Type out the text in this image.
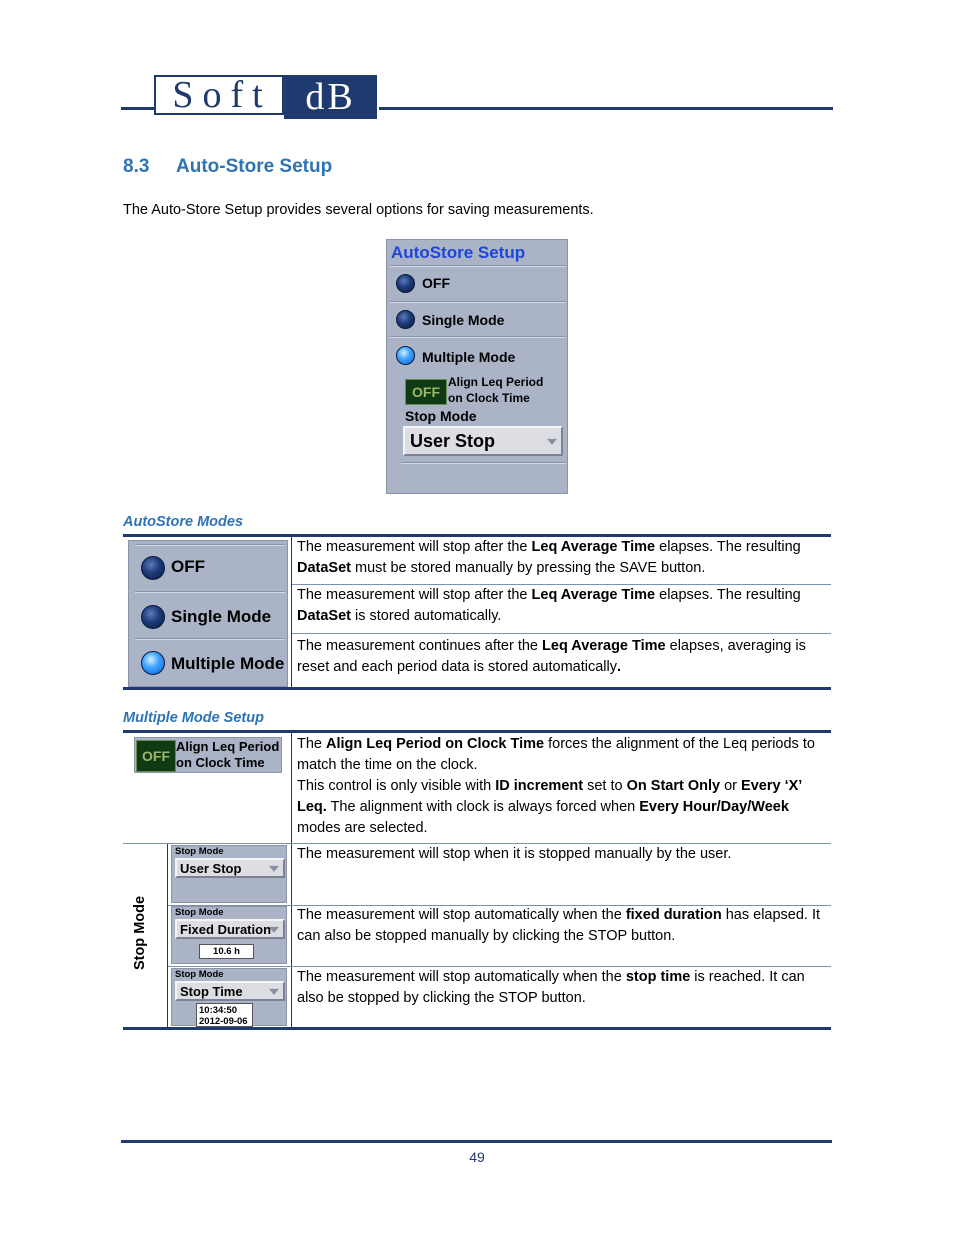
Soft dB
8.3 Auto-Store Setup
The Auto-Store Setup provides several options for saving measurements.
AutoStore Setup
OFF
Single Mode
Multiple Mode
OFF
Align Leq Period
on Clock Time
Stop Mode
User Stop
AutoStore Modes
OFF
Single Mode
Multiple Mode
The measurement will stop after the Leq Average Time elapses. The resulting DataSet must be stored manually by pressing the SAVE button.
The measurement will stop after the Leq Average Time elapses. The resulting DataSet is stored automatically.
The measurement continues after the Leq Average Time elapses, averaging is reset and each period data is stored automatically.
Multiple Mode Setup
OFF
Align Leq Period
on Clock Time
The Align Leq Period on Clock Time forces the alignment of the Leq periods to match the time on the clock.
This control is only visible with ID increment set to On Start Only or Every ‘X’ Leq. The alignment with clock is always forced when Every Hour/Day/Week modes are selected.
Stop Mode
Stop Mode
User Stop
The measurement will stop when it is stopped manually by the user.
Stop Mode
Fixed Duration
10.6 h
The measurement will stop automatically when the fixed duration has elapsed. It can also be stopped manually by clicking the STOP button.
Stop Mode
Stop Time
10:34:50
2012-09-06
The measurement will stop automatically when the stop time is reached. It can also be stopped by clicking the STOP button.
49
